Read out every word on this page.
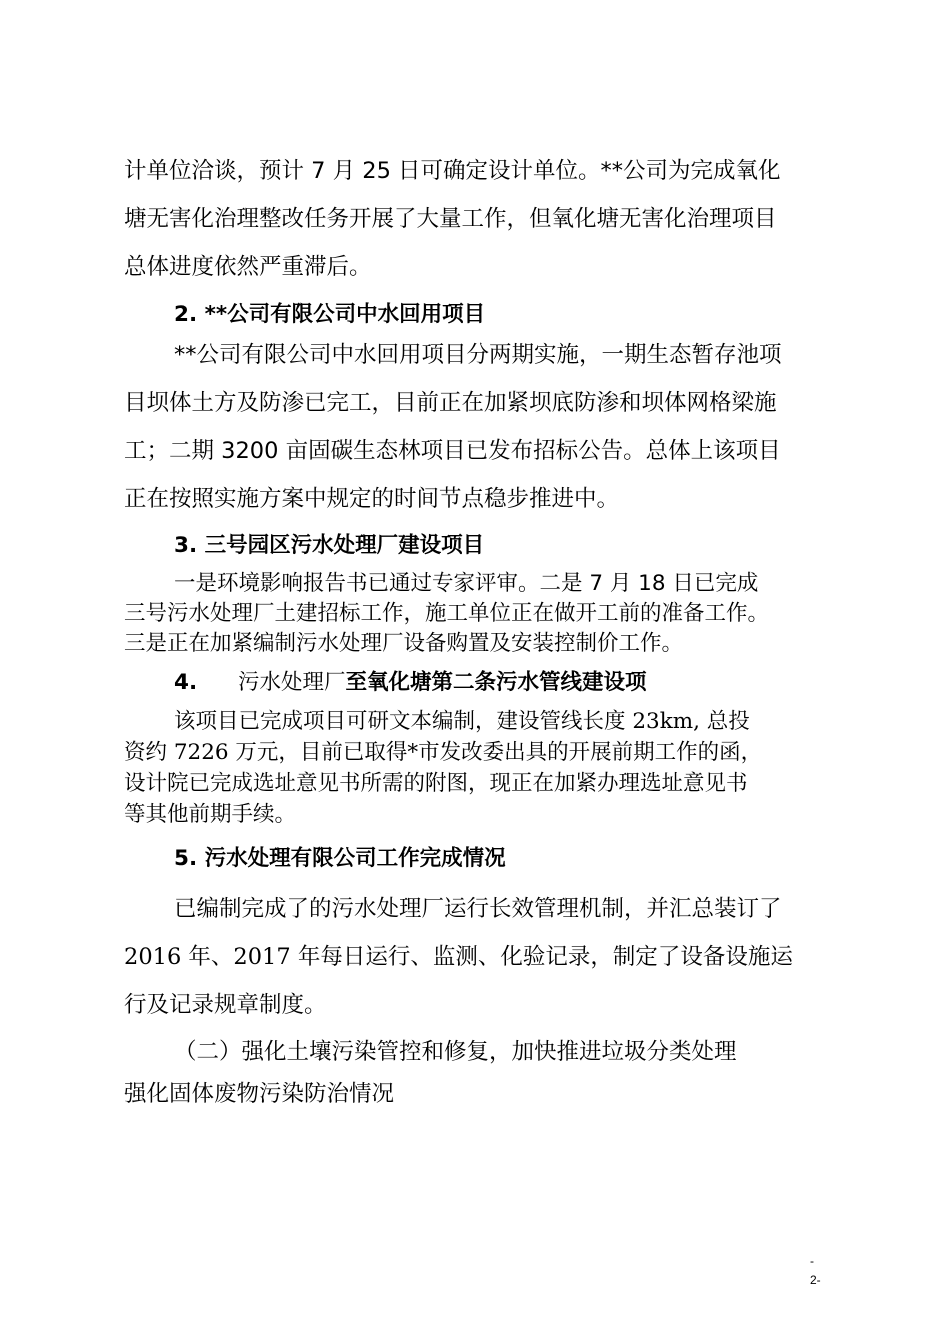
计单位洽谈，预计 7 月 25 日可确定设计单位。**公司为完成氧化
塘无害化治理整改任务开展了大量工作，但氧化塘无害化治理项目
总体进度依然严重滞后。
2. **公司有限公司中水回用项目
**公司有限公司中水回用项目分两期实施，一期生态暂存池项
目坝体土方及防渗已完工，目前正在加紧坝底防渗和坝体网格梁施
工；二期 3200 亩固碳生态林项目已发布招标公告。总体上该项目
正在按照实施方案中规定的时间节点稳步推进中。
3. 三号园区污水处理厂建设项目
一是环境影响报告书已通过专家评审。二是 7 月 18 日已完成
三号污水处理厂土建招标工作，施工单位正在做开工前的准备工作。
三是正在加紧编制污水处理厂设备购置及安装控制价工作。
4. 污水处理厂至氧化塘第二条污水管线建设项
该项目已完成项目可研文本编制，建设管线长度 23km, 总投
资约 7226 万元，目前已取得*市发改委出具的开展前期工作的函，
设计院已完成选址意见书所需的附图，现正在加紧办理选址意见书
等其他前期手续。
5. 污水处理有限公司工作完成情况
已编制完成了的污水处理厂运行长效管理机制，并汇总装订了
2016 年、2017 年每日运行、监测、化验记录，制定了设备设施运
行及记录规章制度。
（二）强化土壤污染管控和修复，加快推进垃圾分类处理
强化固体废物污染防治情况
-
2-
